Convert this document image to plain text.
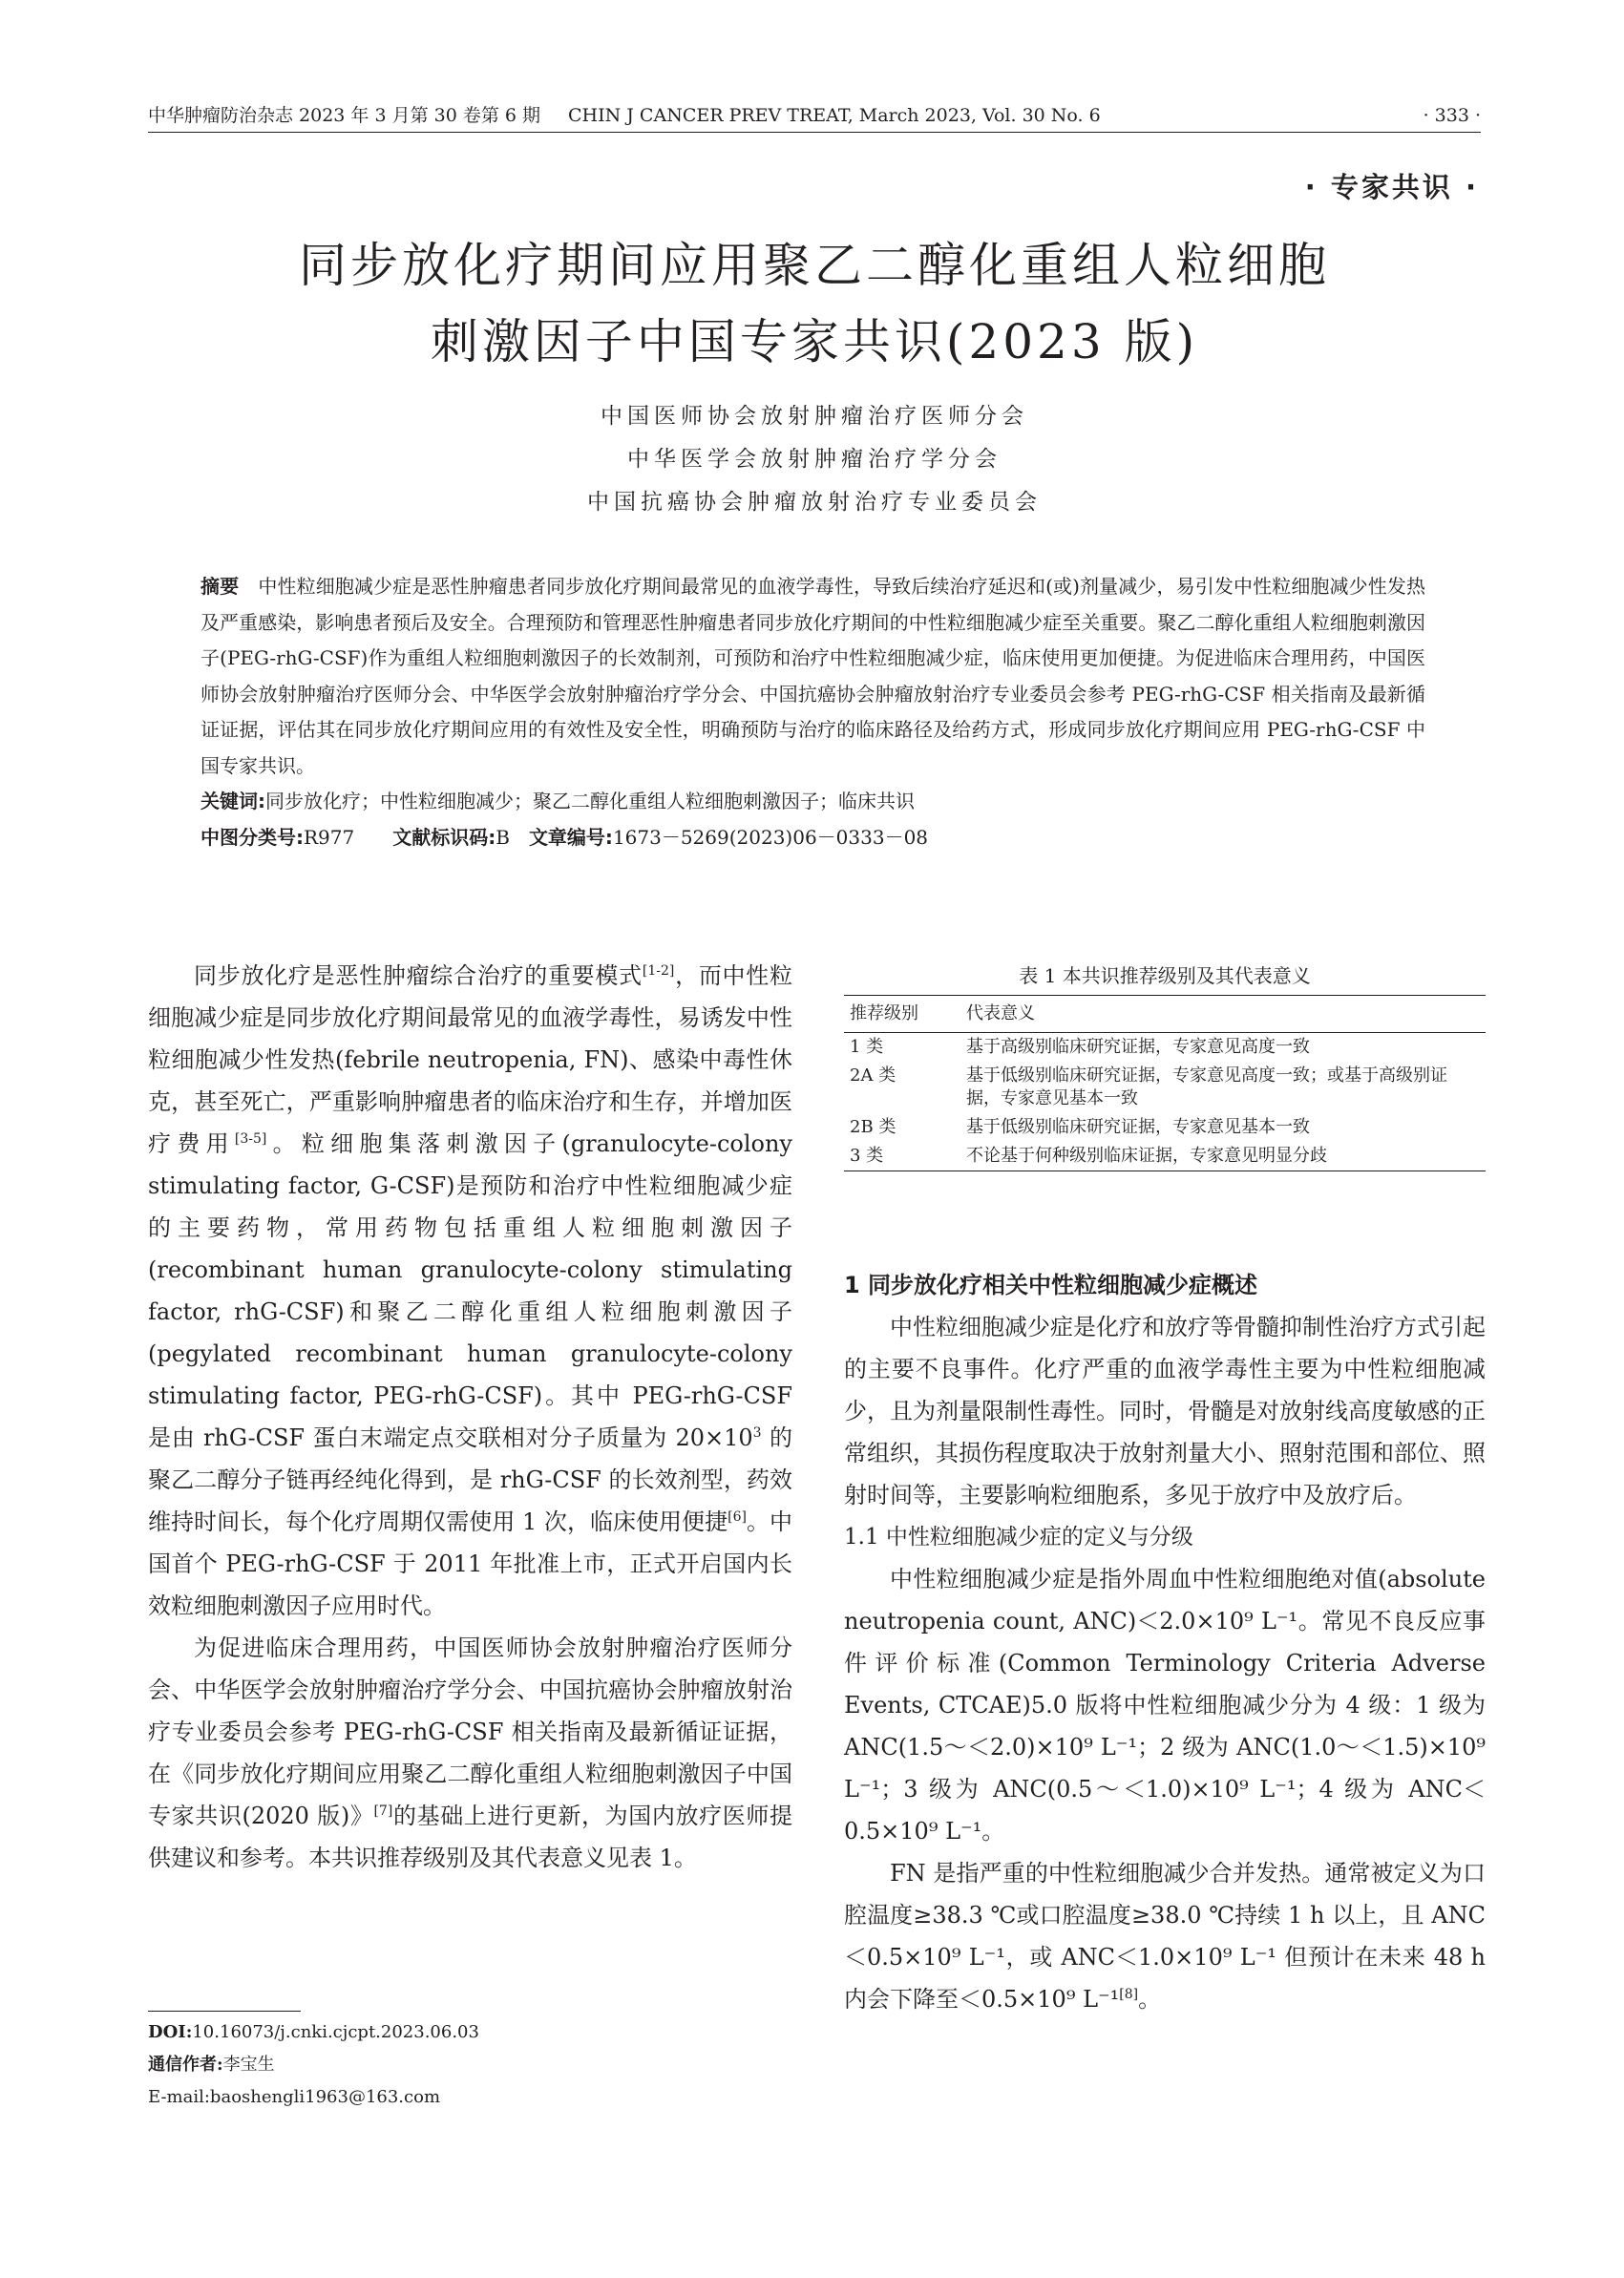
中华肿瘤防治杂志 2023 年 3 月第 30 卷第 6 期 CHIN J CANCER PREV TREAT, March 2023, Vol. 30 No. 6	· 333 ·
· 专家共识 ·
同步放化疗期间应用聚乙二醇化重组人粒细胞
刺激因子中国专家共识(2023 版)
中国医师协会放射肿瘤治疗医师分会
中华医学会放射肿瘤治疗学分会
中国抗癌协会肿瘤放射治疗专业委员会

摘要　 中性粒细胞减少症是恶性肿瘤患者同步放化疗期间最常见的血液学毒性，导致后续治疗延迟和(或)剂量减少，易引发中性粒细胞减少性发热及严重感染，影响患者预后及安全。合理预防和管理恶性肿瘤患者同步放化疗期间的中性粒细胞减少症至关重要。聚乙二醇化重组人粒细胞刺激因子(PEG-rhG-CSF)作为重组人粒细胞刺激因子的长效制剂，可预防和治疗中性粒细胞减少症，临床使用更加便捷。为促进临床合理用药，中国医师协会放射肿瘤治疗医师分会、中华医学会放射肿瘤治疗学分会、中国抗癌协会肿瘤放射治疗专业委员会参考 PEG-rhG-CSF 相关指南及最新循证证据，评估其在同步放化疗期间应用的有效性及安全性，明确预防与治疗的临床路径及给药方式，形成同步放化疗期间应用 PEG-rhG-CSF 中国专家共识。

关键词:同步放化疗；中性粒细胞减少；聚乙二醇化重组人粒细胞刺激因子；临床共识

中图分类号:R977　　 文献标识码:B　 文章编号:1673－5269(2023)06－0333－08

同步放化疗是恶性肿瘤综合治疗的重要模式[1-2]，而中性粒细胞减少症是同步放化疗期间最常见的血液学毒性，易诱发中性粒细胞减少性发热(febrile neutropenia, FN)、感染中毒性休克，甚至死亡，严重影响肿瘤患者的临床治疗和生存，并增加医疗费用[3-5]。粒细胞集落刺激因子(granulocyte-colony stimulating factor, G-CSF)是预防和治疗中性粒细胞减少症的主要药物，常用药物包括重组人粒细胞刺激因子(recombinant human granulocyte-colony stimulating factor, rhG-CSF)和聚乙二醇化重组人粒细胞刺激因子(pegylated recombinant human granulocyte-colony stimulating factor, PEG-rhG-CSF)。其中 PEG-rhG-CSF 是由 rhG-CSF 蛋白末端定点交联相对分子质量为 $20\times 10^3$ 的聚乙二醇分子链再经纯化得到，是 rhG-CSF 的长效剂型，药效维持时间长，每个化疗周期仅需使用 1 次，临床使用便捷[6]。中国首个 PEG-rhG-CSF 于 2011 年批准上市，正式开启国内长效粒细胞刺激因子应用时代。

为促进临床合理用药，中国医师协会放射肿瘤治疗医师分会、中华医学会放射肿瘤治疗学分会、中国抗癌协会肿瘤放射治疗专业委员会参考 PEG-rhG-CSF 相关指南及最新循证证据，在《同步放化疗期间应用聚乙二醇化重组人粒细胞刺激因子中国专家共识(2020 版)》[7]的基础上进行更新，为国内放疗医师提供建议和参考。本共识推荐级别及其代表意义见表 1。

DOI:10.16073/j.cnki.cjcpt.2023.06.03

通信作者:李宝生

E-mail:baoshengli1963@163.com

表 1 本共识推荐级别及其代表意义
推荐级别	代表意义
1 类	基于高级别临床研究证据，专家意见高度一致
2A 类	基于低级别临床研究证据，专家意见高度一致；或基于高级别证据，专家意见基本一致
2B 类	基于低级别临床研究证据，专家意见基本一致
3 类	不论基于何种级别临床证据，专家意见明显分歧
1 同步放化疗相关中性粒细胞减少症概述

中性粒细胞减少症是化疗和放疗等骨髓抑制性治疗方式引起的主要不良事件。化疗严重的血液学毒性主要为中性粒细胞减少，且为剂量限制性毒性。同时，骨髓是对放射线高度敏感的正常组织，其损伤程度取决于放射剂量大小、照射范围和部位、照射时间等，主要影响粒细胞系，多见于放疗中及放疗后。

1.1 中性粒细胞减少症的定义与分级

中性粒细胞减少症是指外周血中性粒细胞绝对值(absolute neutropenia count, ANC)＜2.0×10⁹ L⁻¹。常见不良反应事件评价标准(Common Terminology Criteria Adverse Events, CTCAE)5.0 版将中性粒细胞减少分为 4 级：1 级为 ANC(1.5～＜2.0)×10⁹ L⁻¹；2 级为 ANC(1.0～＜1.5)×10⁹ L⁻¹；3 级为 ANC(0.5～＜1.0)×10⁹ L⁻¹；4 级为 ANC＜0.5×10⁹ L⁻¹。

FN 是指严重的中性粒细胞减少合并发热。通常被定义为口腔温度≥38.3 ℃或口腔温度≥38.0 ℃持续 1 h 以上，且 ANC＜0.5×10⁹ L⁻¹，或 ANC＜1.0×10⁹ L⁻¹ 但预计在未来 48 h 内会下降至＜0.5×10⁹ L⁻¹[8]。
